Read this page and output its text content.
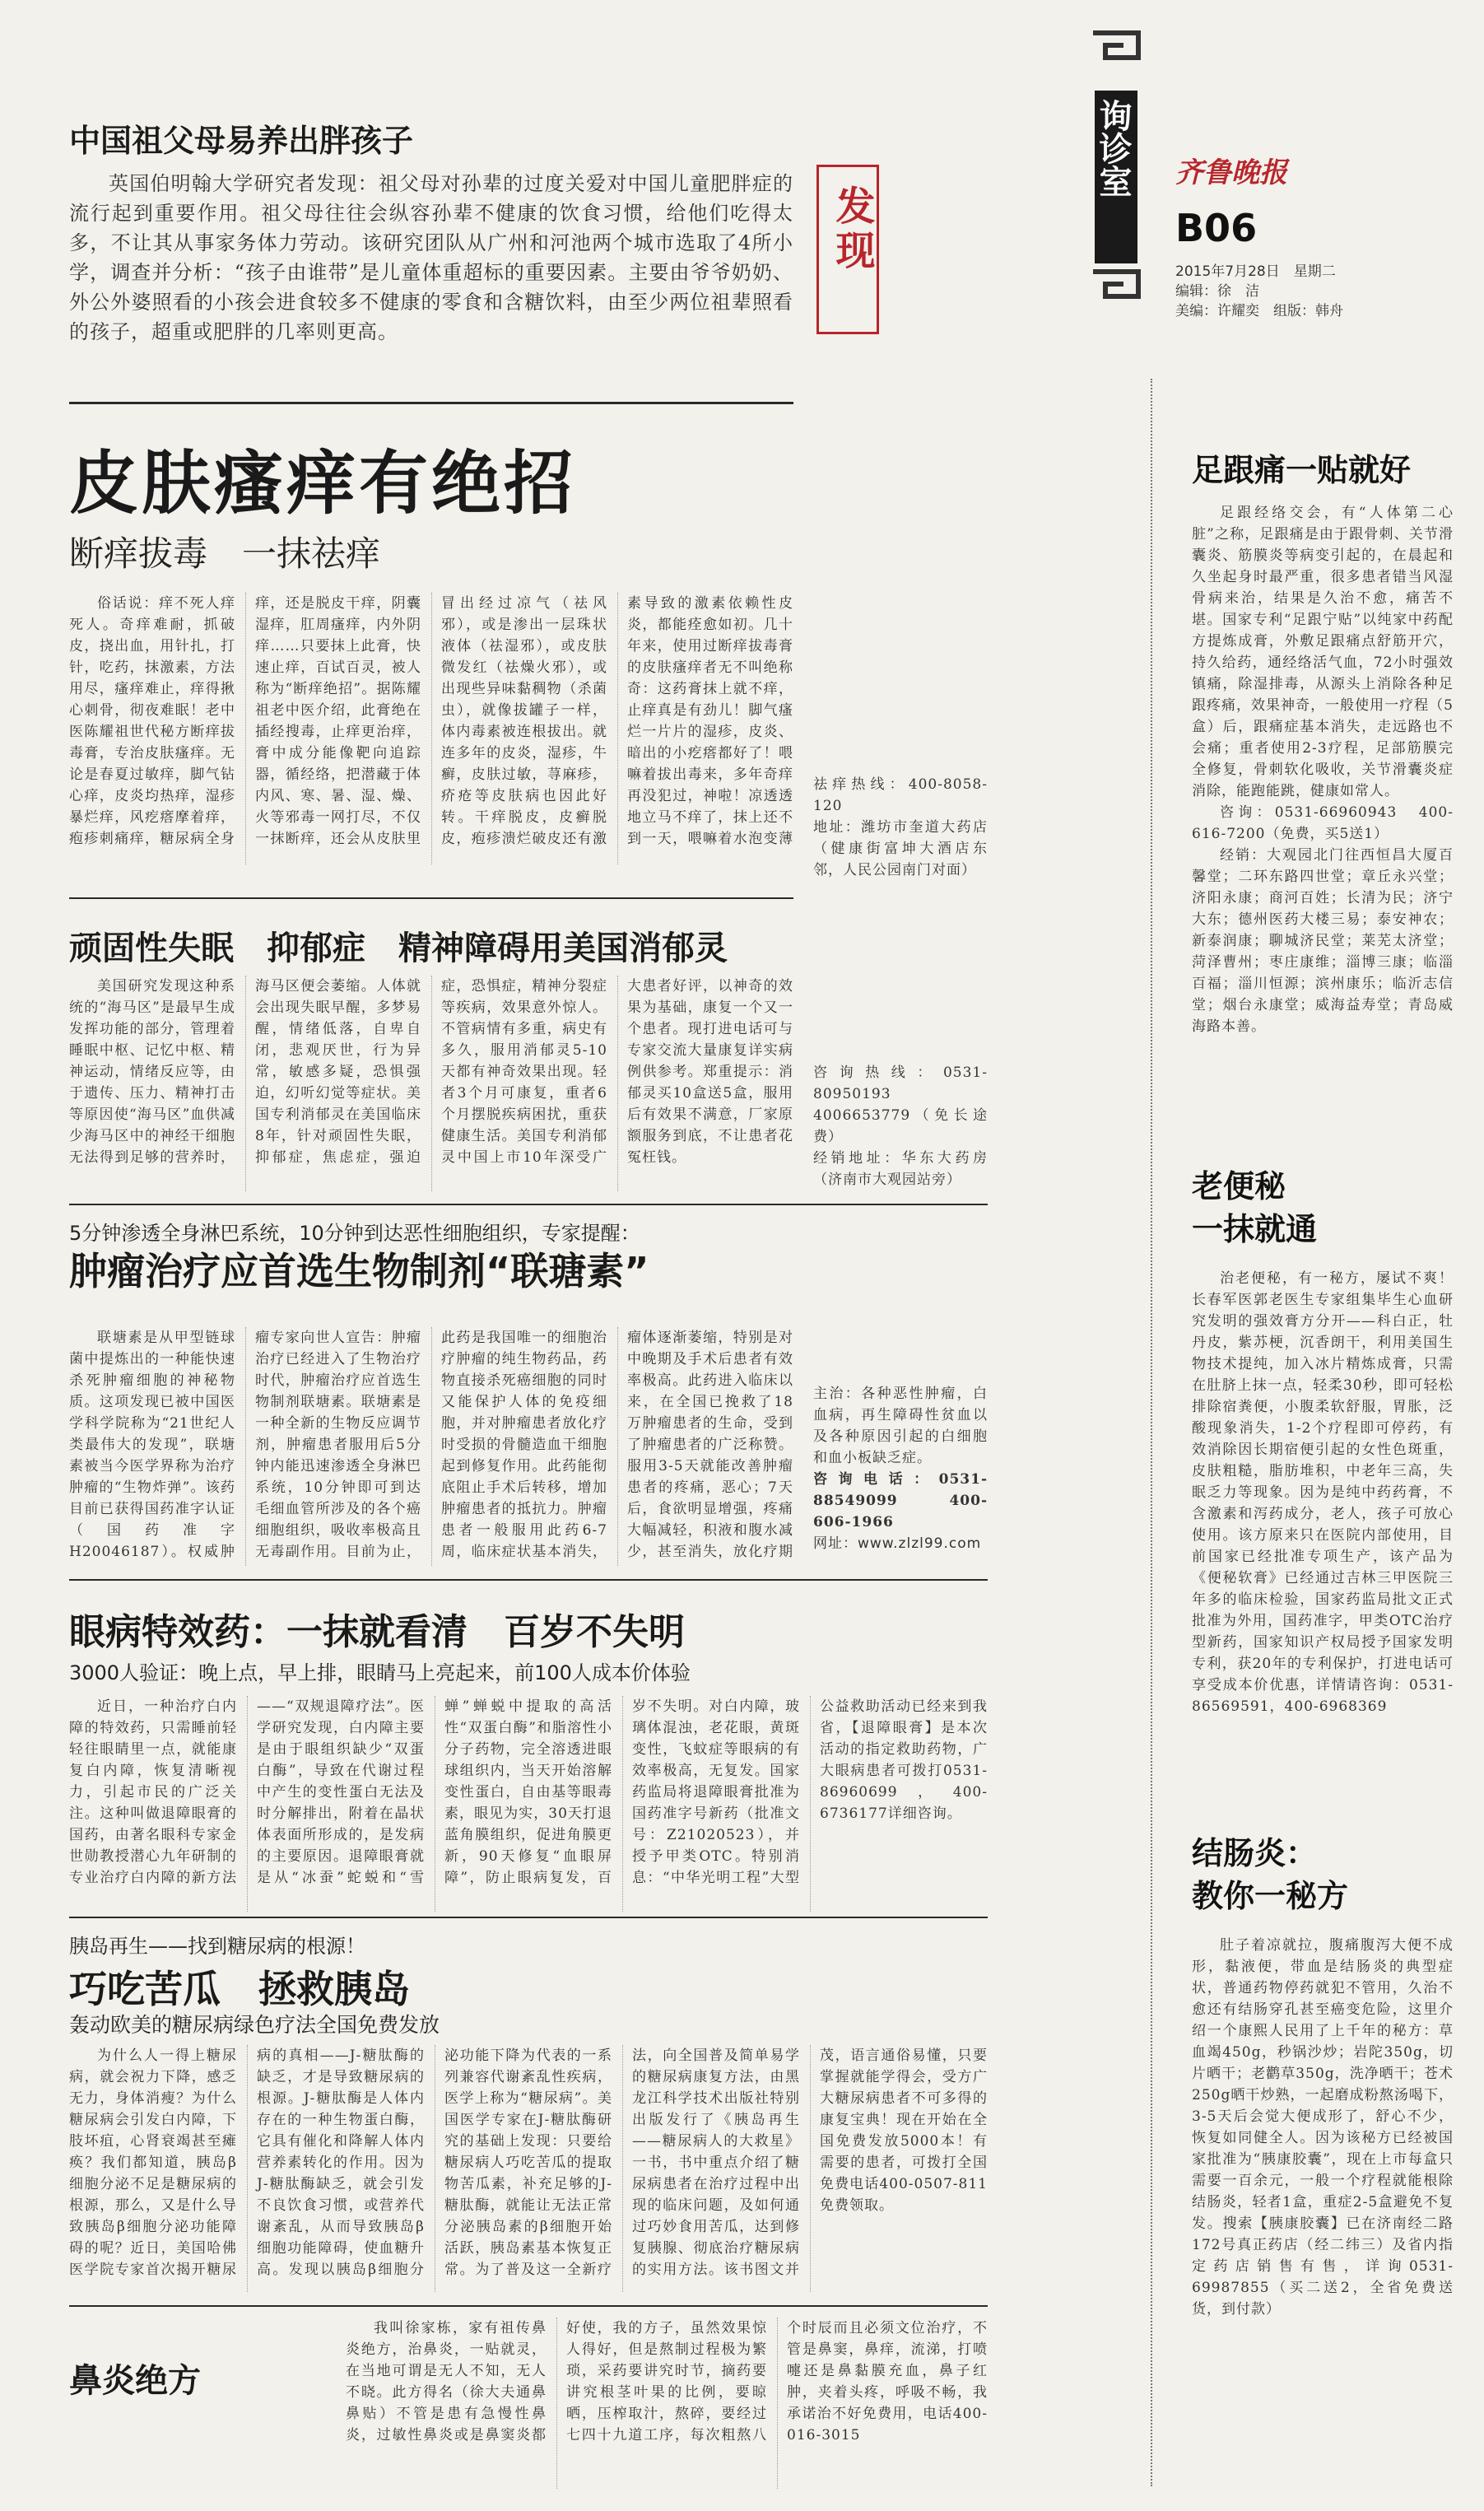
询诊室 齐鲁晚报
B06
2015年7月28日　星期二
编辑：徐　洁
美编：许耀奕　组版：韩舟
发现
中国祖父母易养出胖孩子
英国伯明翰大学研究者发现：祖父母对孙辈的过度关爱对中国儿童肥胖症的流行起到重要作用。祖父母往往会纵容孙辈不健康的饮食习惯，给他们吃得太多，不让其从事家务体力劳动。该研究团队从广州和河池两个城市选取了4所小学，调查并分析：“孩子由谁带”是儿童体重超标的重要因素。主要由爷爷奶奶、外公外婆照看的小孩会进食较多不健康的零食和含糖饮料，由至少两位祖辈照看的孩子，超重或肥胖的几率则更高。
皮肤瘙痒有绝招
断痒拔毒　一抹祛痒
俗话说：痒不死人痒死人。奇痒难耐，抓破皮，挠出血，用针扎，打针，吃药，抹激素，方法用尽，瘙痒难止，痒得揪心刺骨，彻夜难眠！老中医陈耀祖世代秘方断痒拔毒膏，专治皮肤瘙痒。无论是春夏过敏痒，脚气钻心痒，皮炎均热痒，湿疹暴烂痒，风疙瘩摩着痒，疱疹刺痛痒，糖尿病全身痒，还是脱皮干痒，阴囊湿痒，肛周瘙痒，内外阴痒……只要抹上此膏，快速止痒，百试百灵，被人称为“断痒绝招”。据陈耀祖老中医介绍，此膏绝在插经搜毒，止痒更治痒，膏中成分能像靶向追踪器，循经络，把潜藏于体内风、寒、暑、湿、燥、火等邪毒一网打尽，不仅一抹断痒，还会从皮肤里冒出经过凉气（祛风邪），或是渗出一层珠状液体（祛湿邪），或皮肤微发红（祛燥火邪），或出现些异味黏稠物（杀菌虫），就像拔罐子一样，体内毒素被连根拔出。就连多年的皮炎，湿疹，牛癣，皮肤过敏，荨麻疹，疥疮等皮肤病也因此好转。干痒脱皮，皮癣脱皮，疱疹溃烂破皮还有激素导致的激素依赖性皮炎，都能痊愈如初。几十年来，使用过断痒拔毒膏的皮肤瘙痒者无不叫绝称奇：这药膏抹上就不痒，止痒真是有劲儿！脚气瘙烂一片片的湿疹，皮炎、暗出的小疙瘩都好了！喂嘛着拔出毒来，多年奇痒再没犯过，神啦！凉透透地立马不痒了，抹上还不到一天，喂嘛着水泡变薄
祛痒热线：400-8058-120
地址：潍坊市奎道大药店（健康街富坤大酒店东邻，人民公园南门对面）
顽固性失眠　抑郁症　精神障碍用美国消郁灵
美国研究发现这种系统的“海马区”是最早生成发挥功能的部分，管理着睡眠中枢、记忆中枢、精神运动，情绪反应等，由于遗传、压力、精神打击等原因使“海马区”血供减少海马区中的神经干细胞无法得到足够的营养时，海马区便会萎缩。人体就会出现失眠早醒，多梦易醒，情绪低落，自卑自闭，悲观厌世，行为异常，敏感多疑，恐惧强迫，幻听幻觉等症状。美国专利消郁灵在美国临床8年，针对顽固性失眠，抑郁症，焦虑症，强迫症，恐惧症，精神分裂症等疾病，效果意外惊人。不管病情有多重，病史有多久，服用消郁灵5-10天都有神奇效果出现。轻者3个月可康复，重者6个月摆脱疾病困扰，重获健康生活。美国专利消郁灵中国上市10年深受广大患者好评，以神奇的效果为基础，康复一个又一个患者。现打进电话可与专家交流大量康复详实病例供参考。郑重提示：消郁灵买10盒送5盒，服用后有效果不满意，厂家原额服务到底，不让患者花冤枉钱。
咨询热线：0531-80950193　4006653779（免长途费）
经销地址：华东大药房（济南市大观园站旁）
5分钟渗透全身淋巴系统，10分钟到达恶性细胞组织，专家提醒：
肿瘤治疗应首选生物制剂“联瑭素”
联塘素是从甲型链球菌中提炼出的一种能快速杀死肿瘤细胞的神秘物质。这项发现已被中国医学科学院称为“21世纪人类最伟大的发现”，联塘素被当今医学界称为治疗肿瘤的“生物炸弹”。该药目前已获得国药准字认证（国药准字H20046187）。权威肿瘤专家向世人宣告：肿瘤治疗已经进入了生物治疗时代，肿瘤治疗应首选生物制剂联塘素。联塘素是一种全新的生物反应调节剂，肿瘤患者服用后5分钟内能迅速渗透全身淋巴系统，10分钟即可到达毛细血管所涉及的各个癌细胞组织，吸收率极高且无毒副作用。目前为止，此药是我国唯一的细胞治疗肿瘤的纯生物药品，药物直接杀死癌细胞的同时又能保护人体的免疫细胞，并对肿瘤患者放化疗时受损的骨髓造血干细胞起到修复作用。此药能彻底阻止手术后转移，增加肿瘤患者的抵抗力。肿瘤患者一般服用此药6-7周，临床症状基本消失，瘤体逐渐萎缩，特别是对中晚期及手术后患者有效率极高。此药进入临床以来，在全国已挽救了18万肿瘤患者的生命，受到了肿瘤患者的广泛称赞。服用3-5天就能改善肿瘤患者的疼痛，恶心；7天后，食欲明显增强，疼痛大幅减轻，积液和腹水减少，甚至消失，放化疗期
主治：各种恶性肿瘤，白血病，再生障碍性贫血以及各种原因引起的白细胞和血小板缺乏症。
咨询电话：0531-88549099　400-606-1966
网址：www.zlzl99.com
眼病特效药：一抹就看清　百岁不失明
3000人验证：晚上点，早上排，眼睛马上亮起来，前100人成本价体验
近日，一种治疗白内障的特效药，只需睡前轻轻往眼睛里一点，就能康复白内障，恢复清晰视力，引起市民的广泛关注。这种叫做退障眼膏的国药，由著名眼科专家金世勋教授潜心九年研制的专业治疗白内障的新方法——“双规退障疗法”。医学研究发现，白内障主要是由于眼组织缺少“双蛋白酶”，导致在代谢过程中产生的变性蛋白无法及时分解排出，附着在晶状体表面所形成的，是发病的主要原因。退障眼膏就是从“冰蚕”蛇蜕和“雪蝉”蝉蜕中提取的高活性“双蛋白酶”和脂溶性小分子药物，完全溶透进眼球组织内，当天开始溶解变性蛋白，自由基等眼毒素，眼见为实，30天打退蓝角膜组织，促进角膜更新，90天修复“血眼屏障”，防止眼病复发，百岁不失明。对白内障，玻璃体混浊，老花眼，黄斑变性，飞蚊症等眼病的有效率极高，无复发。国家药监局将退障眼膏批准为国药准字号新药（批准文号：Z21020523），并授予甲类OTC。特别消息：“中华光明工程”大型公益救助活动已经来到我省，【退障眼膏】是本次活动的指定救助药物，广大眼病患者可拨打0531-86960699，400-6736177详细咨询。
胰岛再生——找到糖尿病的根源！
巧吃苦瓜　拯救胰岛
轰动欧美的糖尿病绿色疗法全国免费发放
为什么人一得上糖尿病，就会祝力下降，感乏无力，身体消瘦？为什么糖尿病会引发白内障，下肢坏疽，心肾衰竭甚至瘫痪？我们都知道，胰岛β细胞分泌不足是糖尿病的根源，那么，又是什么导致胰岛β细胞分泌功能障碍的呢？近日，美国哈佛医学院专家首次揭开糖尿病的真相——J-糖肽酶的缺乏，才是导致糖尿病的根源。J-糖肽酶是人体内存在的一种生物蛋白酶，它具有催化和降解人体内营养素转化的作用。因为J-糖肽酶缺乏，就会引发不良饮食习惯，或营养代谢紊乱，从而导致胰岛β细胞功能障碍，使血糖升高。发现以胰岛β细胞分泌功能下降为代表的一系列兼容代谢紊乱性疾病，医学上称为“糖尿病”。美国医学专家在J-糖肽酶研究的基础上发现：只要给糖尿病人巧吃苦瓜的提取物苦瓜素，补充足够的J-糖肽酶，就能让无法正常分泌胰岛素的β细胞开始活跃，胰岛素基本恢复正常。为了普及这一全新疗法，向全国普及简单易学的糖尿病康复方法，由黑龙江科学技术出版社特别出版发行了《胰岛再生——糖尿病人的大救星》一书，书中重点介绍了糖尿病患者在治疗过程中出现的临床问题，及如何通过巧妙食用苦瓜，达到修复胰腺、彻底治疗糖尿病的实用方法。该书图文并茂，语言通俗易懂，只要掌握就能学得会，受方广大糖尿病患者不可多得的康复宝典！现在开始在全国免费发放5000本！有需要的患者，可拨打全国免费电话400-0507-811免费领取。
鼻炎绝方
我叫徐家栋，家有祖传鼻炎绝方，治鼻炎，一贴就灵，在当地可谓是无人不知，无人不晓。此方得名（徐大夫通鼻鼻贴）不管是患有急慢性鼻炎，过敏性鼻炎或是鼻窦炎都好使，我的方子，虽然效果惊人得好，但是熬制过程极为繁琐，采药要讲究时节，摘药要讲究根茎叶果的比例，要晾晒，压榨取汁，熬碎，要经过七四十九道工序，每次粗熬八个时辰而且必须文位治疗，不管是鼻窦，鼻痒，流涕，打喷嚏还是鼻黏膜充血，鼻子红肿，夹着头疼，呼吸不畅，我承诺治不好免费用，电话400-016-3015
足跟痛一贴就好
足跟经络交会，有“人体第二心脏”之称，足跟痛是由于跟骨刺、关节滑囊炎、筋膜炎等病变引起的，在晨起和久坐起身时最严重，很多患者错当风湿骨病来治，结果是久治不愈，痛苦不堪。国家专利“足跟宁贴”以纯家中药配方提炼成膏，外敷足跟痛点舒筋开穴，持久给药，通经络活气血，72小时强效镇痛，除湿排毒，从源头上消除各种足跟疼痛，效果神奇，一般使用一疗程（5盒）后，跟痛症基本消失，走远路也不会痛；重者使用2-3疗程，足部筋膜完全修复，骨刺软化吸收，关节滑囊炎症消除，能跑能跳，健康如常人。
咨询：0531-66960943　400-616-7200（免费，买5送1）
经销：大观园北门往西恒昌大厦百馨堂；二环东路四世堂；章丘永兴堂；济阳永康；商河百姓；长清为民；济宁大东；德州医药大楼三易；泰安神农；新泰润康；聊城济民堂；莱芜太济堂；菏泽曹州；枣庄康维；淄博三康；临淄百福；淄川恒源；滨州康乐；临沂志信堂；烟台永康堂；威海益寿堂；青岛威海路本善。
老便秘
一抹就通
治老便秘，有一秘方，屡试不爽！长春军医郭老医生专家组集毕生心血研究发明的强效膏方分开——科白正，牡丹皮，紫苏梗，沉香朗干，利用美国生物技术提纯，加入冰片精炼成膏，只需在肚脐上抹一点，轻柔30秒，即可轻松排除宿粪便，小腹柔软舒服，胃胀，泛酸现象消失，1-2个疗程即可停药，有效消除因长期宿便引起的女性色斑重，皮肤粗糙，脂肪堆积，中老年三高，失眠乏力等现象。因为是纯中药药膏，不含激素和泻药成分，老人，孩子可放心使用。该方原来只在医院内部使用，目前国家已经批准专项生产，该产品为《便秘软膏》已经通过吉林三甲医院三年多的临床检验，国家药监局批文正式批准为外用，国药准字，甲类OTC治疗型新药，国家知识产权局授予国家发明专利，获20年的专利保护，打进电话可享受成本价优惠，详情请咨询：0531-86569591，400-6968369
结肠炎：
教你一秘方
肚子着凉就拉，腹痛腹泻大便不成形，黏液便，带血是结肠炎的典型症状，普通药物停药就犯不管用，久治不愈还有结肠穿孔甚至癌变危险，这里介绍一个康熙人民用了上千年的秘方：草血竭450g，秒锅沙炒；岩陀350g，切片晒干；老鹳草350g，洗净晒干；苍术250g晒干炒熟，一起磨成粉熬汤喝下，3-5天后会觉大便成形了，舒心不少，恢复如同健全人。因为该秘方已经被国家批准为“胰康胶囊”，现在上市每盒只需要一百余元，一般一个疗程就能根除结肠炎，轻者1盒，重症2-5盒避免不复发。搜索【胰康胶囊】已在济南经二路172号真正药店（经二纬三）及省内指定药店销售有售，详询0531-69987855（买二送2，全省免费送货，到付款）
